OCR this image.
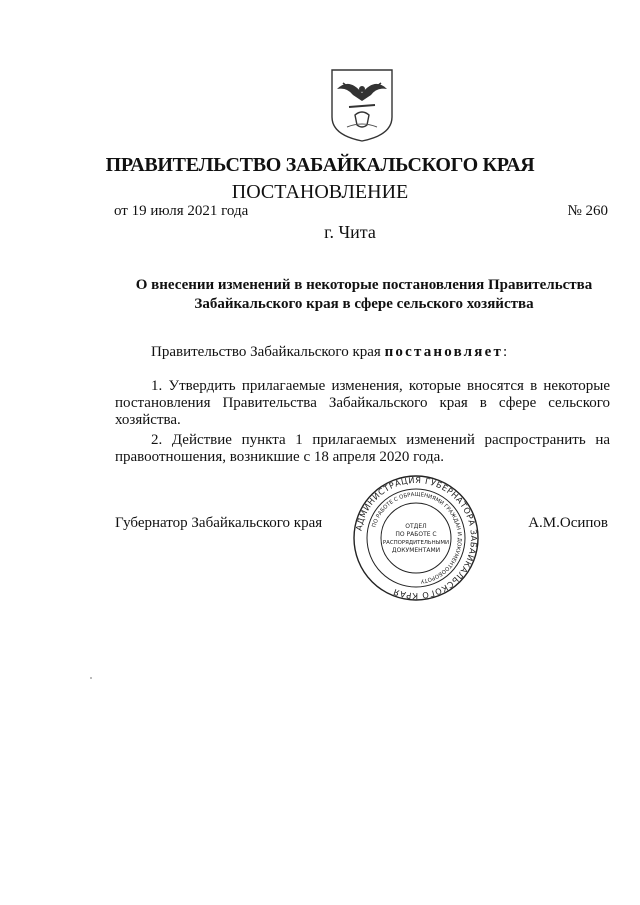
ПРАВИТЕЛЬСТВО ЗАБАЙКАЛЬСКОГО КРАЯ
ПОСТАНОВЛЕНИЕ
от 19 июля 2021 года	№ 260
г. Чита
О внесении изменений в некоторые постановления Правительства Забайкальского края в сфере сельского хозяйства
Правительство Забайкальского края постановляет:
1. Утвердить прилагаемые изменения, которые вносятся в некоторые постановления Правительства Забайкальского края в сфере сельского хозяйства.
2. Действие пункта 1 прилагаемых изменений распространить на правоотношения, возникшие с 18 апреля 2020 года.
Губернатор Забайкальского края	А.М.Осипов
АДМИНИСТРАЦИЯ ГУБЕРНАТОРА ЗАБАЙКАЛЬСКОГО КРАЯ
ПО РАБОТЕ С ОБРАЩЕНИЯМИ ГРАЖДАН И ДОКУМЕНТООБОРОТУ
ОТДЕЛ
ПО РАБОТЕ С
РАСПОРЯДИТЕЛЬНЫМИ
ДОКУМЕНТАМИ
